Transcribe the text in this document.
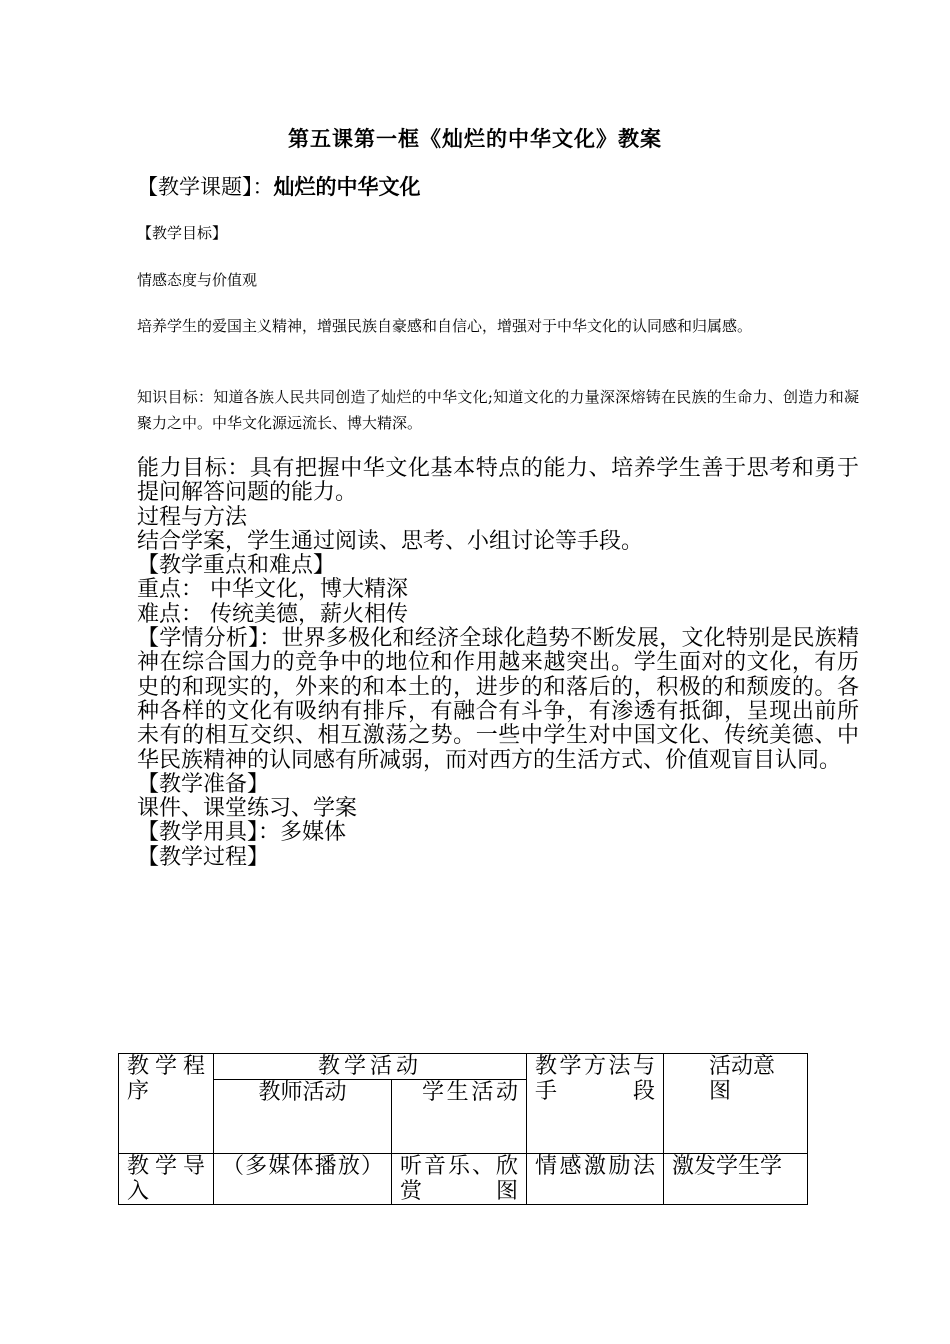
第五课第一框《灿烂的中华文化》教案
【教学课题】：灿烂的中华文化
【教学目标】
情感态度与价值观
培养学生的爱国主义精神，增强民族自豪感和自信心，增强对于中华文化的认同感和归属感。
知识目标：知道各族人民共同创造了灿烂的中华文化;知道文化的力量深深熔铸在民族的生命力、创造力和凝聚力之中。中华文化源远流长、博大精深。

能力目标：具有把握中华文化基本特点的能力、培养学生善于思考和勇于提问解答问题的能力。

过程与方法

结合学案，学生通过阅读、思考、小组讨论等手段。

【教学重点和难点】

重点： 中华文化，博大精深

难点： 传统美德，薪火相传

【学情分析】：世界多极化和经济全球化趋势不断发展，文化特别是民族精神在综合国力的竞争中的地位和作用越来越突出。学生面对的文化，有历史的和现实的，外来的和本土的，进步的和落后的，积极的和颓废的。各种各样的文化有吸纳有排斥，有融合有斗争，有渗透有抵御，呈现出前所未有的相互交织、相互激荡之势。一些中学生对中国文化、传统美德、中华民族精神的认同感有所减弱，而对西方的生活方式、价值观盲目认同。

【教学准备】

课件、课堂练习、学案

【教学用具】：多媒体

【教学过程】

教学程序	教学活动		教学方法与手段	活动意图
	教师活动	学生活动		
教学导入	（多媒体播放）	听音乐、欣赏图	情感激励法	激发学生学
